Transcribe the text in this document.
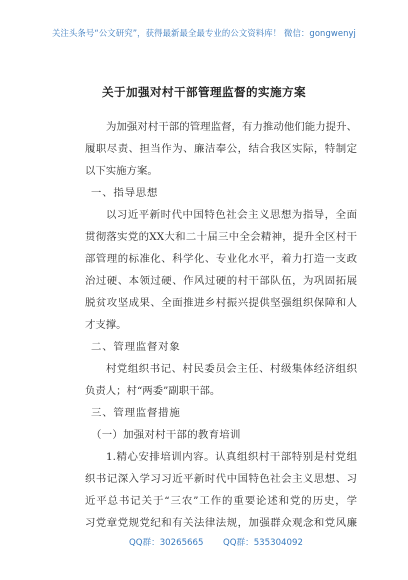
关注头条号“公文研究”，获得最新最全最专业的公文资料库！ 微信：gongwenyj
关于加强对村干部管理监督的实施方案
为加强对村干部的管理监督，有力推动他们能力提升、
履职尽责、担当作为、廉洁奉公，结合我区实际，特制定
以下实施方案。
一、指导思想
以习近平新时代中国特色社会主义思想为指导，全面
贯彻落实党的XX大和二十届三中全会精神，提升全区村干
部管理的标准化、科学化、专业化水平，着力打造一支政
治过硬、本领过硬、作风过硬的村干部队伍，为巩固拓展
脱贫攻坚成果、全面推进乡村振兴提供坚强组织保障和人
才支撑。
二、管理监督对象
村党组织书记、村民委员会主任、村级集体经济组织
负责人；村“两委”副职干部。
三、管理监督措施
（一）加强对村干部的教育培训
1.精心安排培训内容。认真组织村干部特别是村党组
织书记深入学习习近平新时代中国特色社会主义思想、习
近平总书记关于“三农”工作的重要论述和党的历史，学
习党章党规党纪和有关法律法规，加强群众观念和党风廉
QQ群：30265665 QQ群：535304092
